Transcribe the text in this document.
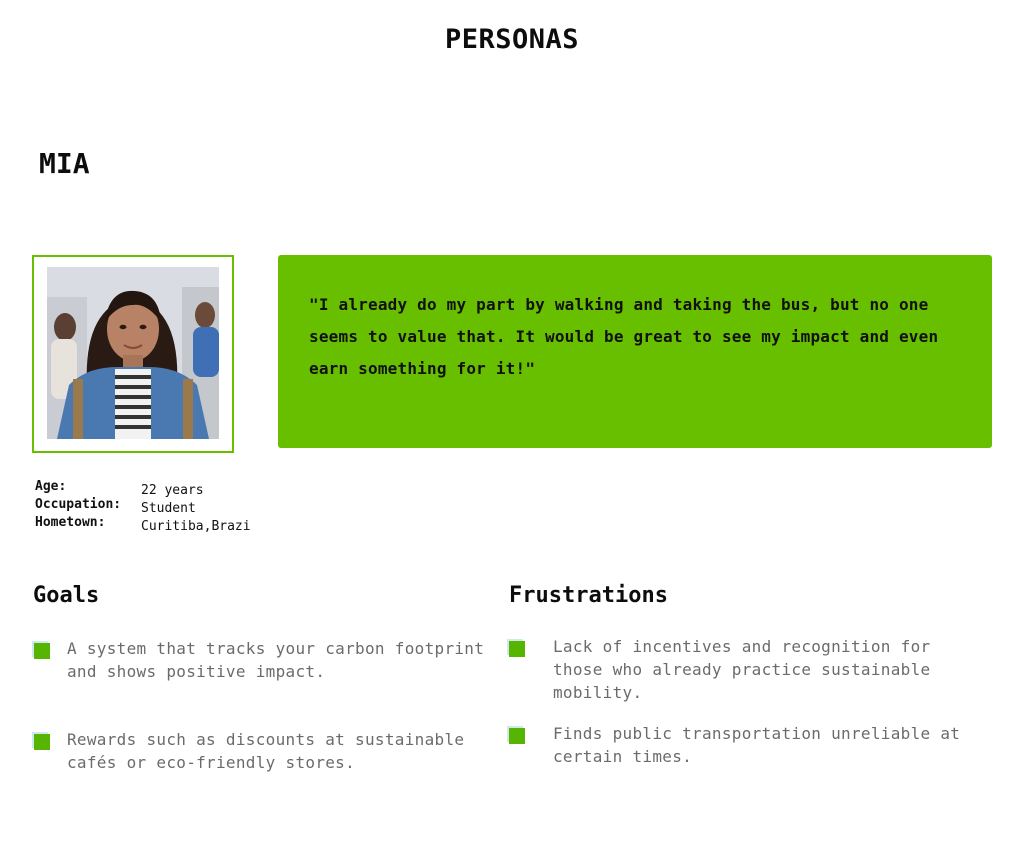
PERSONAS
MIA
"I already do my part by walking and taking the bus, but no one seems to value that. It would be great to see my impact and even earn something for it!"
Age:
Occupation:
Hometown:
22 years
Student
Curitiba,Brazi
Goals	Frustrations
A system that tracks your carbon footprint and shows positive impact.
Rewards such as discounts at sustainable cafés or eco-friendly stores.
Lack of incentives and recognition for those who already practice sustainable mobility.
Finds public transportation unreliable at certain times.
